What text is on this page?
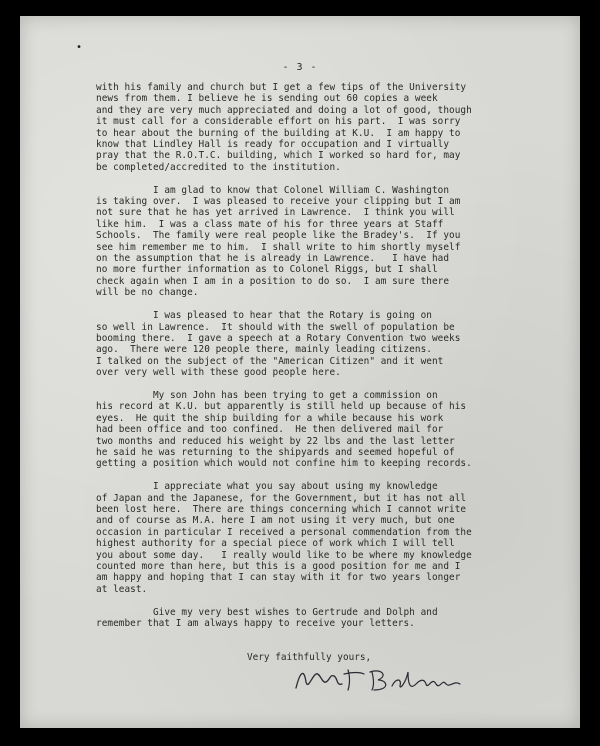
•
- 3 -
with his family and church but I get a few tips of the University
news from them. I believe he is sending out 60 copies a week
and they are very much appreciated and doing a lot of good, though
it must call for a considerable effort on his part.  I was sorry
to hear about the burning of the building at K.U.  I am happy to
know that Lindley Hall is ready for occupation and I virtually
pray that the R.O.T.C. building, which I worked so hard for, may
be completed/accredited to the institution.
I am glad to know that Colonel William C. Washington
is taking over.  I was pleased to receive your clipping but I am
not sure that he has yet arrived in Lawrence.  I think you will
like him.  I was a class mate of his for three years at Staff
Schools.  The family were real people like the Bradey's.  If you
see him remember me to him.  I shall write to him shortly myself
on the assumption that he is already in Lawrence.   I have had
no more further information as to Colonel Riggs, but I shall
check again when I am in a position to do so.  I am sure there
will be no change.
I was pleased to hear that the Rotary is going on
so well in Lawrence.  It should with the swell of population be
booming there.  I gave a speech at a Rotary Convention two weeks
ago.  There were 120 people there, mainly leading citizens.
I talked on the subject of the "American Citizen" and it went
over very well with these good people here.
My son John has been trying to get a commission on
his record at K.U. but apparently is still held up because of his
eyes.  He quit the ship building for a while because his work
had been office and too confined.  He then delivered mail for
two months and reduced his weight by 22 lbs and the last letter
he said he was returning to the shipyards and seemed hopeful of
getting a position which would not confine him to keeping records.
I appreciate what you say about using my knowledge
of Japan and the Japanese, for the Government, but it has not all
been lost here.  There are things concerning which I cannot write
and of course as M.A. here I am not using it very much, but one
occasion in particular I received a personal commendation from the
highest authority for a special piece of work which I will tell
you about some day.   I really would like to be where my knowledge
counted more than here, but this is a good position for me and I
am happy and hoping that I can stay with it for two years longer
at least.
Give my very best wishes to Gertrude and Dolph and
remember that I am always happy to receive your letters.
Very faithfully yours,
